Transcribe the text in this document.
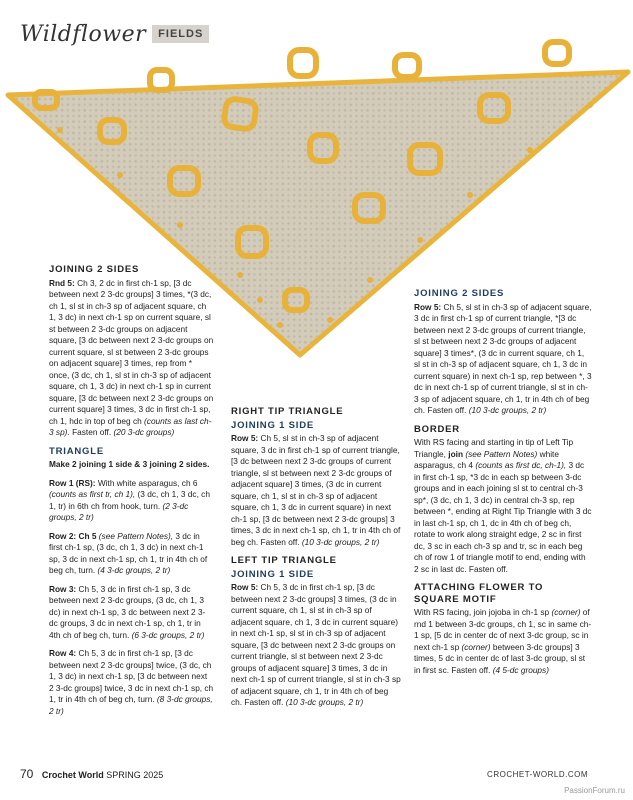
Wildflower	FIELDS
JOINING 2 SIDES

Rnd 5: Ch 3, 2 dc in first ch-1 sp, [3 dc between next 2 3-dc groups] 3 times, *(3 dc, ch 1, sl st in ch-3 sp of adjacent square, ch 1, 3 dc) in next ch-1 sp on current square, sl st between 2 3-dc groups on adjacent square, [3 dc between next 2 3-dc groups on current square, sl st between 2 3-dc groups on adjacent square] 3 times, rep from * once, (3 dc, ch 1, sl st in ch-3 sp of adjacent square, ch 1, 3 dc) in next ch-1 sp in current square, [3 dc between next 2 3-dc groups on current square] 3 times, 3 dc in first ch-1 sp, ch 1, hdc in top of beg ch (counts as last ch-3 sp). Fasten off. (20 3-dc groups)

TRIANGLE

Make 2 joining 1 side & 3 joining 2 sides.

Row 1 (RS): With white asparagus, ch 6 (counts as first tr, ch 1), (3 dc, ch 1, 3 dc, ch 1, tr) in 6th ch from hook, turn. (2 3-dc groups, 2 tr)

Row 2: Ch 5 (see Pattern Notes), 3 dc in first ch-1 sp, (3 dc, ch 1, 3 dc) in next ch-1 sp, 3 dc in next ch-1 sp, ch 1, tr in 4th ch of beg ch, turn. (4 3-dc groups, 2 tr)

Row 3: Ch 5, 3 dc in first ch-1 sp, 3 dc between next 2 3-dc groups, (3 dc, ch 1, 3 dc) in next ch-1 sp, 3 dc between next 2 3-dc groups, 3 dc in next ch-1 sp, ch 1, tr in 4th ch of beg ch, turn. (6 3-dc groups, 2 tr)

Row 4: Ch 5, 3 dc in first ch-1 sp, [3 dc between next 2 3-dc groups] twice, (3 dc, ch 1, 3 dc) in next ch-1 sp, [3 dc between next 2 3-dc groups] twice, 3 dc in next ch-1 sp, ch 1, tr in 4th ch of beg ch, turn. (8 3-dc groups, 2 tr)

RIGHT TIP TRIANGLE
JOINING 1 SIDE

Row 5: Ch 5, sl st in ch-3 sp of adjacent square, 3 dc in first ch-1 sp of current triangle, [3 dc between next 2 3-dc groups of current triangle, sl st between next 2 3-dc groups of adjacent square] 3 times, (3 dc in current square, ch 1, sl st in ch-3 sp of adjacent square, ch 1, 3 dc in current square) in next ch-1 sp, [3 dc between next 2 3-dc groups] 3 times, 3 dc in next ch-1 sp, ch 1, tr in 4th ch of beg ch. Fasten off. (10 3-dc groups, 2 tr)

LEFT TIP TRIANGLE
JOINING 1 SIDE

Row 5: Ch 5, 3 dc in first ch-1 sp, [3 dc between next 2 3-dc groups] 3 times, (3 dc in current square, ch 1, sl st in ch-3 sp of adjacent square, ch 1, 3 dc in current square) in next ch-1 sp, sl st in ch-3 sp of adjacent square, [3 dc between next 2 3-dc groups on current triangle, sl st between next 2 3-dc groups of adjacent square] 3 times, 3 dc in next ch-1 sp of current triangle, sl st in ch-3 sp of adjacent square, ch 1, tr in 4th ch of beg ch. Fasten off. (10 3-dc groups, 2 tr)

JOINING 2 SIDES

Row 5: Ch 5, sl st in ch-3 sp of adjacent square, 3 dc in first ch-1 sp of current triangle, *[3 dc between next 2 3-dc groups of current triangle, sl st between next 2 3-dc groups of adjacent square] 3 times*, (3 dc in current square, ch 1, sl st in ch-3 sp of adjacent square, ch 1, 3 dc in current square) in next ch-1 sp, rep between *, 3 dc in next ch-1 sp of current triangle, sl st in ch-3 sp of adjacent square, ch 1, tr in 4th ch of beg ch. Fasten off. (10 3-dc groups, 2 tr)

BORDER

With RS facing and starting in tip of Left Tip Triangle, join (see Pattern Notes) white asparagus, ch 4 (counts as first dc, ch-1), 3 dc in first ch-1 sp, *3 dc in each sp between 3-dc groups and in each joining sl st to central ch-3 sp*, (3 dc, ch 1, 3 dc) in central ch-3 sp, rep between *, ending at Right Tip Triangle with 3 dc in last ch-1 sp, ch 1, dc in 4th ch of beg ch, rotate to work along straight edge, 2 sc in first dc, 3 sc in each ch-3 sp and tr, sc in each beg ch of row 1 of triangle motif to end, ending with 2 sc in last dc. Fasten off.

ATTACHING FLOWER TO SQUARE MOTIF

With RS facing, join jojoba in ch-1 sp (corner) of rnd 1 between 3-dc groups, ch 1, sc in same ch-1 sp, [5 dc in center dc of next 3-dc group, sc in next ch-1 sp (corner) between 3-dc groups] 3 times, 5 dc in center dc of last 3-dc group, sl st in first sc. Fasten off. (4 5-dc groups)

70 Crochet World SPRING 2025	CROCHET-WORLD.COM
PassionForum.ru
